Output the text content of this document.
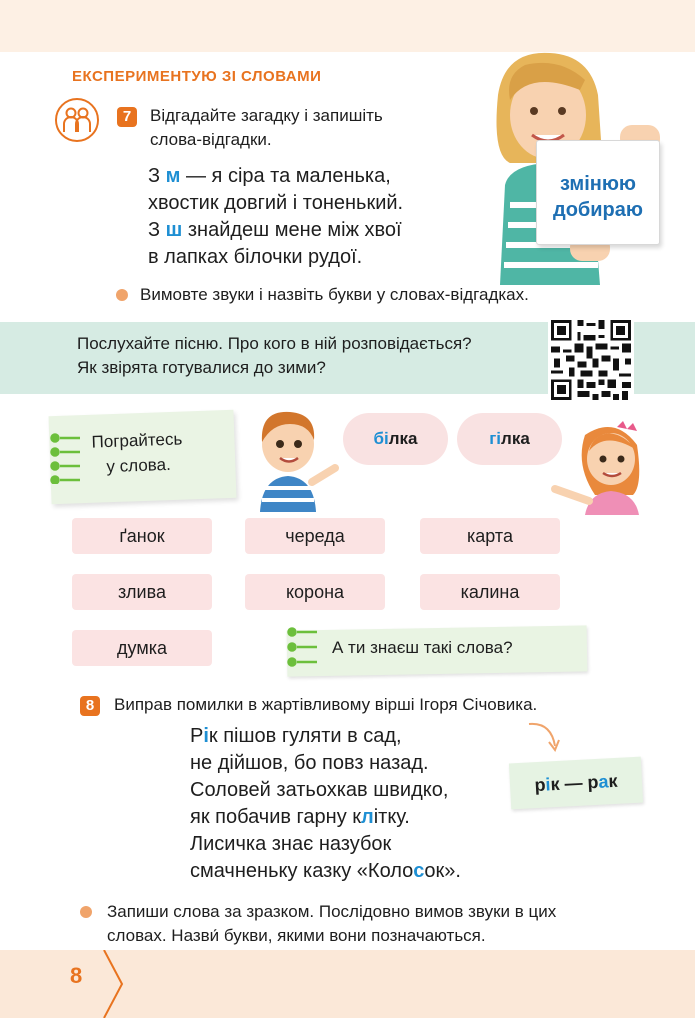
ЕКСПЕРИМЕНТУЮ ЗІ СЛОВАМИ
7	Відгадайте загадку і запишіть
слова-відгадки.
З м — я сіра та маленька,
хвостик довгий і тоненький.
З ш знайдеш мене між хвої
в лапках білочки рудої.
змінюю
добираю
Вимовте звуки і назвіть букви у словах-відгадках.
Послухайте пісню. Про кого в ній розповідається?
Як звірята готувалися до зими?
Пограйтесь
у слова.
білка	гілка
ґанок	череда	карта
злива	корона	калина
думка	А ти знаєш такі слова?
8	Виправ помилки в жартівливому вірші Ігоря Січовика.
Рік пішов гуляти в сад,
не дійшов, бо повз назад.
Соловей затьохкав швидко,
як побачив гарну клітку.
Лисичка знає назубок
смачненьку казку «Колосок».
рік — рак
Запиши слова за зразком. Послідовно вимов звуки в цих
словах. Назви́ букви, якими вони позначаються.
8
